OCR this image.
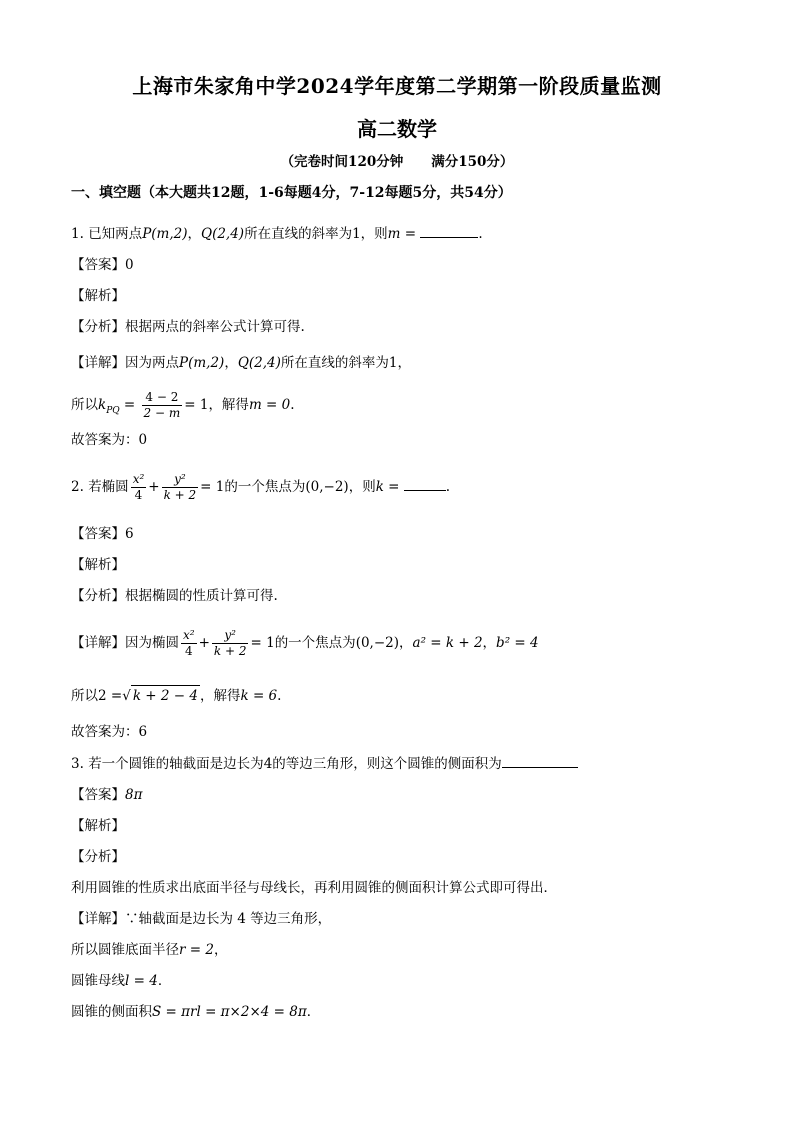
上海市朱家角中学2024学年度第二学期第一阶段质量监测
高二数学
（完卷时间120分钟 满分150分）
一、填空题（本大题共12题，1-6每题4分，7-12每题5分，共54分）
1. 已知两点P(m,2)，Q(2,4)所在直线的斜率为1，则m =	.
【答案】0
【解析】
【分析】根据两点的斜率公式计算可得.
【详解】因为两点P(m,2)，Q(2,4)所在直线的斜率为1，
所以$k_{PQ} = \frac{4 - 2}{2 - m} = 1$，解得m = 0.
故答案为：0
2. 若椭圆 $\frac{\text{x²}}{4} + \frac{\text{y²}}{k + 2} = 1$的一个焦点为(0,−2)，则k =	.
【答案】6
【解析】
【分析】根据椭圆的性质计算可得.
【详解】因为椭圆 $\frac{\text{x²}}{4} + \frac{\text{y²}}{k + 2} = 1$的一个焦点为(0,−2)，a² = k + 2，b² = 4
所以2 =√ k + 2 − 4 ，解得k = 6.
故答案为：6
3. 若一个圆锥的轴截面是边长为4的等边三角形，则这个圆锥的侧面积为
【答案】8π
【解析】
【分析】
利用圆锥的性质求出底面半径与母线长，再利用圆锥的侧面积计算公式即可得出．
【详解】∵轴截面是边长为 4 等边三角形，
所以圆锥底面半径r = 2，
圆锥母线l = 4．
圆锥的侧面积S = πrl = π×2×4 = 8π．
